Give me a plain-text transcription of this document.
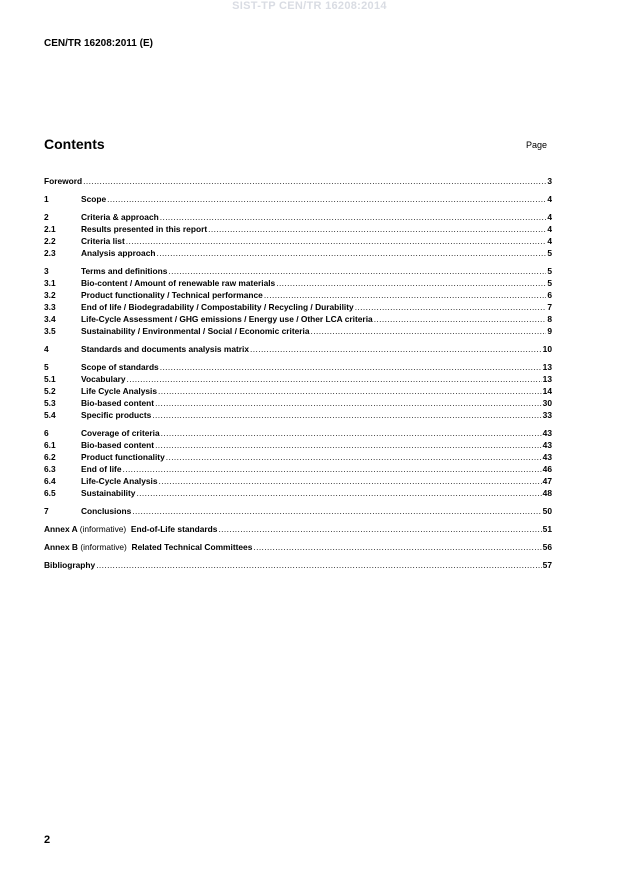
SIST-TP CEN/TR 16208:2014
CEN/TR 16208:2011 (E)
Contents	Page
Foreword .....	3
1	Scope .....	4
2	Criteria & approach .....	4
2.1	Results presented in this report .....	4
2.2	Criteria list .....	4
2.3	Analysis approach .....	5
3	Terms and definitions .....	5
3.1	Bio-content / Amount of renewable raw materials .....	5
3.2	Product functionality / Technical performance .....	6
3.3	End of life / Biodegradability / Compostability / Recycling / Durability .....	7
3.4	Life-Cycle Assessment / GHG emissions / Energy use / Other LCA criteria .....	8
3.5	Sustainability / Environmental / Social / Economic criteria .....	9
4	Standards and documents analysis matrix .....	10
5	Scope of standards .....	13
5.1	Vocabulary .....	13
5.2	Life Cycle Analysis .....	14
5.3	Bio-based content .....	30
5.4	Specific products .....	33
6	Coverage of criteria .....	43
6.1	Bio-based content .....	43
6.2	Product functionality .....	43
6.3	End of life .....	46
6.4	Life-Cycle Analysis .....	47
6.5	Sustainability .....	48
7	Conclusions .....	50
Annex A (informative) End-of-Life standards .....	51
Annex B (informative) Related Technical Committees .....	56
Bibliography .....	57
2
